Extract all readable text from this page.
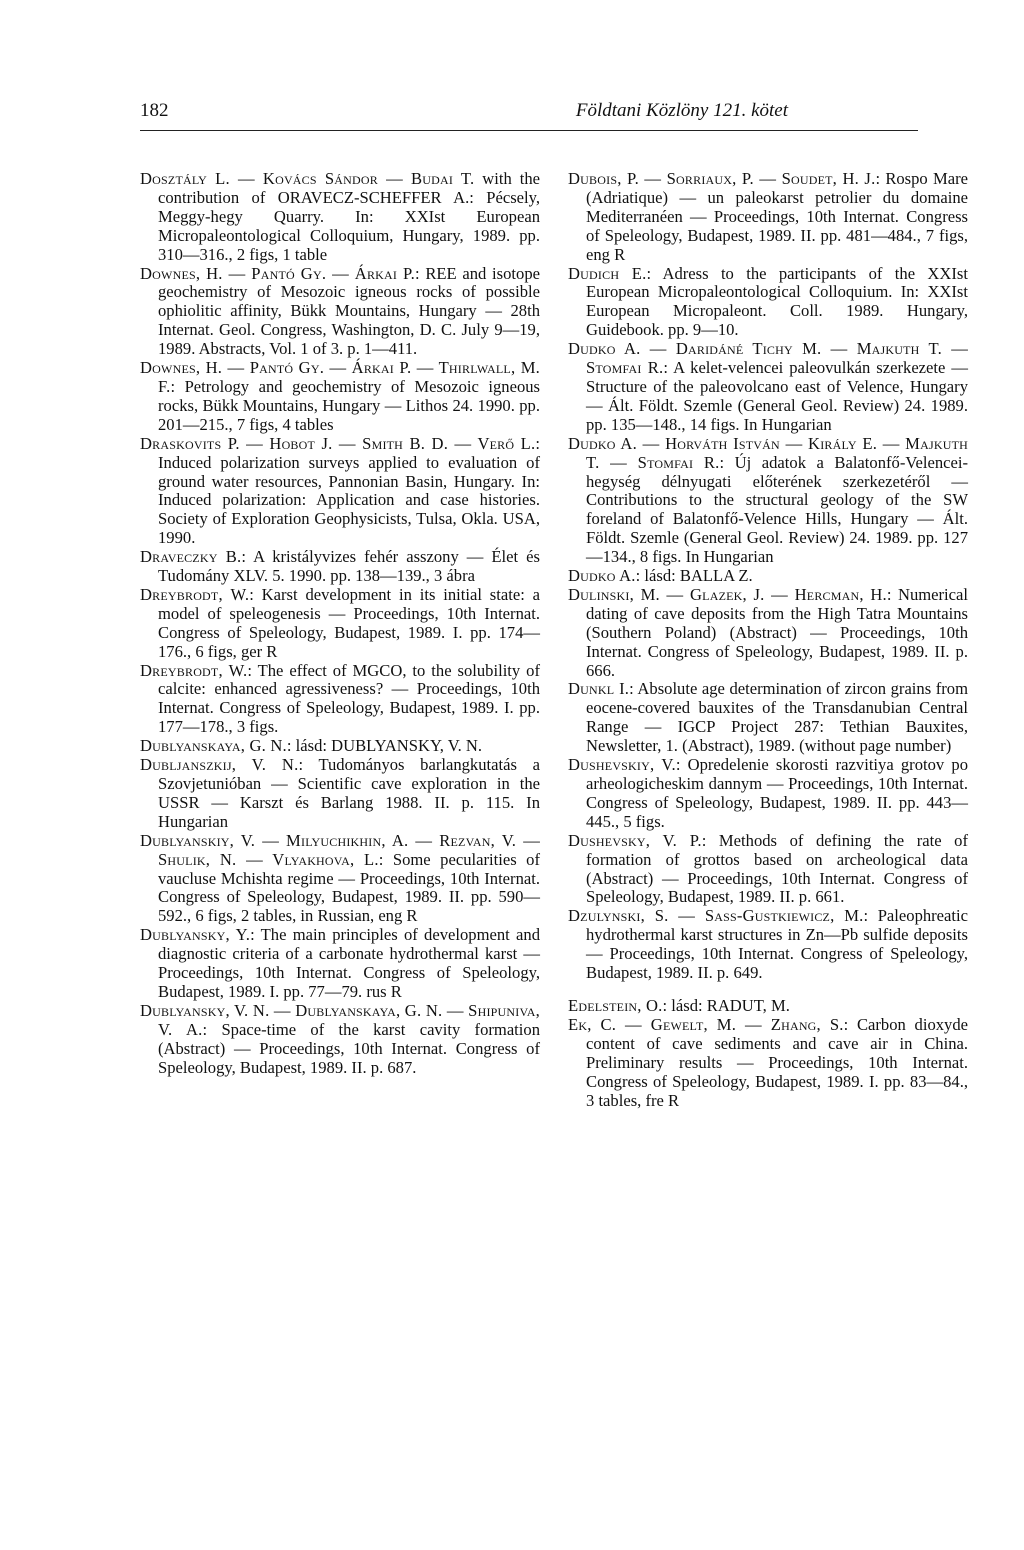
182	Földtani Közlöny 121. kötet

Dosztály L. — Kovács Sándor — Budai T. with the contribution of ORAVECZ-SCHEFFER A.: Pécsely, Meggy-hegy Quarry. In: XXIst European Micropaleontological Colloquium, Hungary, 1989. pp. 310—316., 2 figs, 1 table

Downes, H. — Pantó Gy. — Árkai P.: REE and isotope geochemistry of Mesozoic igneous rocks of possible ophiolitic affinity, Bükk Mountains, Hungary — 28th Internat. Geol. Congress, Washington, D. C. July 9—19, 1989. Abstracts, Vol. 1 of 3. p. 1—411.

Downes, H. — Pantó Gy. — Árkai P. — Thirlwall, M. F.: Petrology and geochemistry of Mesozoic igneous rocks, Bükk Mountains, Hungary — Lithos 24. 1990. pp. 201—215., 7 figs, 4 tables

Draskovits P. — Hobot J. — Smith B. D. — Verő L.: Induced polarization surveys applied to evaluation of ground water resources, Pannonian Basin, Hungary. In: Induced polarization: Application and case histories. Society of Exploration Geophysicists, Tulsa, Okla. USA, 1990.

Draveczky B.: A kristályvizes fehér asszony — Élet és Tudomány XLV. 5. 1990. pp. 138—139., 3 ábra

Dreybrodt, W.: Karst development in its initial state: a model of speleogenesis — Proceedings, 10th Internat. Congress of Speleology, Budapest, 1989. I. pp. 174—176., 6 figs, ger R

Dreybrodt, W.: The effect of MGCO, to the solubility of calcite: enhanced agressiveness? — Proceedings, 10th Internat. Congress of Speleology, Budapest, 1989. I. pp. 177—178., 3 figs.

Dublyanskaya, G. N.: lásd: DUBLYANSKY, V. N.

Dubljanszkij, V. N.: Tudományos barlangkutatás a Szovjetunióban — Scientific cave exploration in the USSR — Karszt és Barlang 1988. II. p. 115. In Hungarian

Dublyanskiy, V. — Milyuchikhin, A. — Rezvan, V. — Shulik, N. — Vlyakhova, L.: Some pecularities of vaucluse Mchishta regime — Proceedings, 10th Internat. Congress of Speleology, Budapest, 1989. II. pp. 590—592., 6 figs, 2 tables, in Russian, eng R

Dublyansky, Y.: The main principles of development and diagnostic criteria of a carbonate hydrothermal karst — Proceedings, 10th Internat. Congress of Speleology, Budapest, 1989. I. pp. 77—79. rus R

Dublyansky, V. N. — Dublyanskaya, G. N. — Shipuniva, V. A.: Space-time of the karst cavity formation (Abstract) — Proceedings, 10th Internat. Congress of Speleology, Budapest, 1989. II. p. 687.

Dubois, P. — Sorriaux, P. — Soudet, H. J.: Rospo Mare (Adriatique) — un paleokarst petrolier du domaine Mediterranéen — Proceedings, 10th Internat. Congress of Speleology, Budapest, 1989. II. pp. 481—484., 7 figs, eng R

Dudich E.: Adress to the participants of the XXIst European Micropaleontological Colloquium. In: XXIst European Micropaleont. Coll. 1989. Hungary, Guidebook. pp. 9—10.

Dudko A. — Daridáné Tichy M. — Majkuth T. — Stomfai R.: A kelet-velencei paleovulkán szerkezete — Structure of the paleovolcano east of Velence, Hungary — Ált. Földt. Szemle (General Geol. Review) 24. 1989. pp. 135—148., 14 figs. In Hungarian

Dudko A. — Horváth István — Király E. — Majkuth T. — Stomfai R.: Új adatok a Balatonfő-Velencei-hegység délnyugati előterének szerkezetéről — Contributions to the structural geology of the SW foreland of Balatonfő-Velence Hills, Hungary — Ált. Földt. Szemle (General Geol. Review) 24. 1989. pp. 127—134., 8 figs. In Hungarian

Dudko A.: lásd: BALLA Z.

Dulinski, M. — Glazek, J. — Hercman, H.: Numerical dating of cave deposits from the High Tatra Mountains (Southern Poland) (Abstract) — Proceedings, 10th Internat. Congress of Speleology, Budapest, 1989. II. p. 666.

Dunkl I.: Absolute age determination of zircon grains from eocene-covered bauxites of the Transdanubian Central Range — IGCP Project 287: Tethian Bauxites, Newsletter, 1. (Abstract), 1989. (without page number)

Dushevskiy, V.: Opredelenie skorosti razvitiya grotov po arheologicheskim dannym — Proceedings, 10th Internat. Congress of Speleology, Budapest, 1989. II. pp. 443—445., 5 figs.

Dushevsky, V. P.: Methods of defining the rate of formation of grottos based on archeological data (Abstract) — Proceedings, 10th Internat. Congress of Speleology, Budapest, 1989. II. p. 661.

Dzulynski, S. — Sass-Gustkiewicz, M.: Paleophreatic hydrothermal karst structures in Zn—Pb sulfide deposits — Proceedings, 10th Internat. Congress of Speleology, Budapest, 1989. II. p. 649.

Edelstein, O.: lásd: RADUT, M.

Ek, C. — Gewelt, M. — Zhang, S.: Carbon dioxyde content of cave sediments and cave air in China. Preliminary results — Proceedings, 10th Internat. Congress of Speleology, Budapest, 1989. I. pp. 83—84., 3 tables, fre R
